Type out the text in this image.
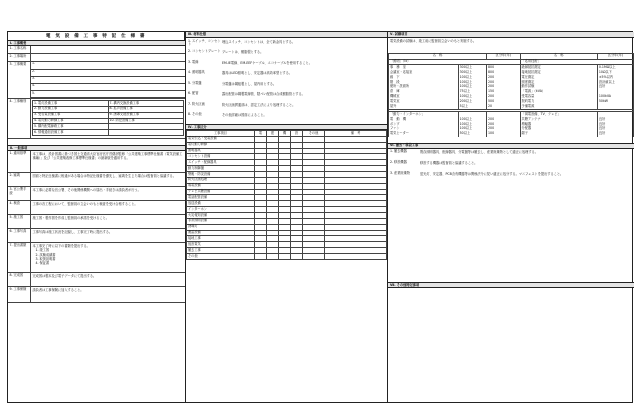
電 気 設 備 工 事 特 記 仕 様 書
Ⅰ. 工事概要
1. 工事名称
2. 工事場所
3. 工事概要	1.
2.
3.
4.
5.
4. 工事種別	1. 電灯設備工事	7. 構内交換設備工事
2. 動力設備工事	8. 拡声設備工事
3. 受変電設備工事	9. 誘導支援設備工事
4. 電灯動力幹線工事	10. 防犯設備工事
5. 構内配電線路工事	
6. 情報通信設備工事	
Ⅱ. 一般事項
1. 適用基準	本工事は、設計図書に基づき国土交通省大臣官房官庁営繕部監修「公共建築工事標準仕様書（電気設備工事編）」及び「公共建築改修工事標準仕様書」の最新版を適用する。
2. 疑義	図面と特記仕様書に相違がある場合は特記仕様書を優先し、疑義を生じた場合は監督員と協議する。
3. 官公署手続
本工事に必要な官公署、その他関係機関への届出・手続きは請負者が行う。
4. 検査	工事の各工程において、監督員の立会いのもと検査を受け合格すること。
5. 施工図	施工図・製作図を作成し監督員の承諾を受けること。
6. 工事写真	工事写真は施工状況を記録し、工事完了時に提出する。
7. 提出書類	本工事完了時に以下の書類を提出する。
1. 竣工図
2. 試験成績書
3. 取扱説明書
4. 保証書
8. 完成図	完成図は製本及び電子データにて提出する。
9. 工事保険	請負者は工事保険に加入すること。
Ⅲ. 材料仕様
1. スイッチ、コンセント
埋込スイッチ、コンセントは、全て新金具とする。
2. コンセントプレート プレートは、樹脂製とする。
3. 電線	EM-IE電線、EM-EEFケーブル、エコケーブルを使用すること。
4. 照明器具	器具はLED照明とし、安定器は高効率型とする。
5. 分電盤	分電盤は鋼板製とし、屋内用とする。
6. 配管	露出配管は鋼製電線管、隠ぺい配管は合成樹脂管とする。
7. 防火区画	防火区画貫通部は、認定工法により処理すること。
8. その他	その他詳細は図面によること。
Ⅳ. 工事区分
工事項目	電	建	機	設	その他	備　考
電気引込・受電設備						
電灯動力幹線						
照明器具						
コンセント設備						
スイッチ・配線器具						
動力制御盤						
警報・防災設備						
防火区画処理						
弱電設備						
テレビ共聴設備						
電話配管設備						
放送設備						
インターホン						
火災報知設備						
非常照明設備						
誘導灯						
避雷設備						
接地工事						
仮設電気						
撤去工事						
その他						
Ⅴ. 試験項目
電気設備の試験は、竣工前に監督員立会いのもと実施する。
名　称		区分年(年)	名　称	区分年(年)
「照明」（lx）			「応用技術」	
事　務　室	300以上	800	絶縁抵抗測定	0.1MΩ以上
会議室・応接室	300以上	800	接地抵抗測定	10Ω以下
廊　下	100以上	200	電圧測定	±5%以内
階　段	100以上	200	照度測定	設計値以上
便所・洗面所	100以上	200	動作試験	良好
倉　庫	75以上	150	「電源」（kVA）	
機械室	100以上	200	受電容量	100kVA
電気室	200以上	500	契約電力	50kW
屋外	5以上	20	予備電源	

「動力・インターホン」			「弱電設備、TV、テレビ」	
電　動　機	100以上	200	共聴アンテナ	良好
ポンプ	100以上	200	増幅器	良好
ファン	100以上	200	分配器	良好
電気ヒーター	50以上	100	端子	良好
Ⅵ. 撤去・移設工事
1. 撤去機器	既存照明器具、配線器具、分電盤等は撤去し、産業廃棄物として適正に処理する。
2. 移設機器	移設する機器は監督員と協議すること。
3. 産業廃棄物	蛍光灯、安定器、PCB含有機器等は関係法令に従い適正に処分する。マニフェストを提出すること。
Ⅶ. その他特記事項
